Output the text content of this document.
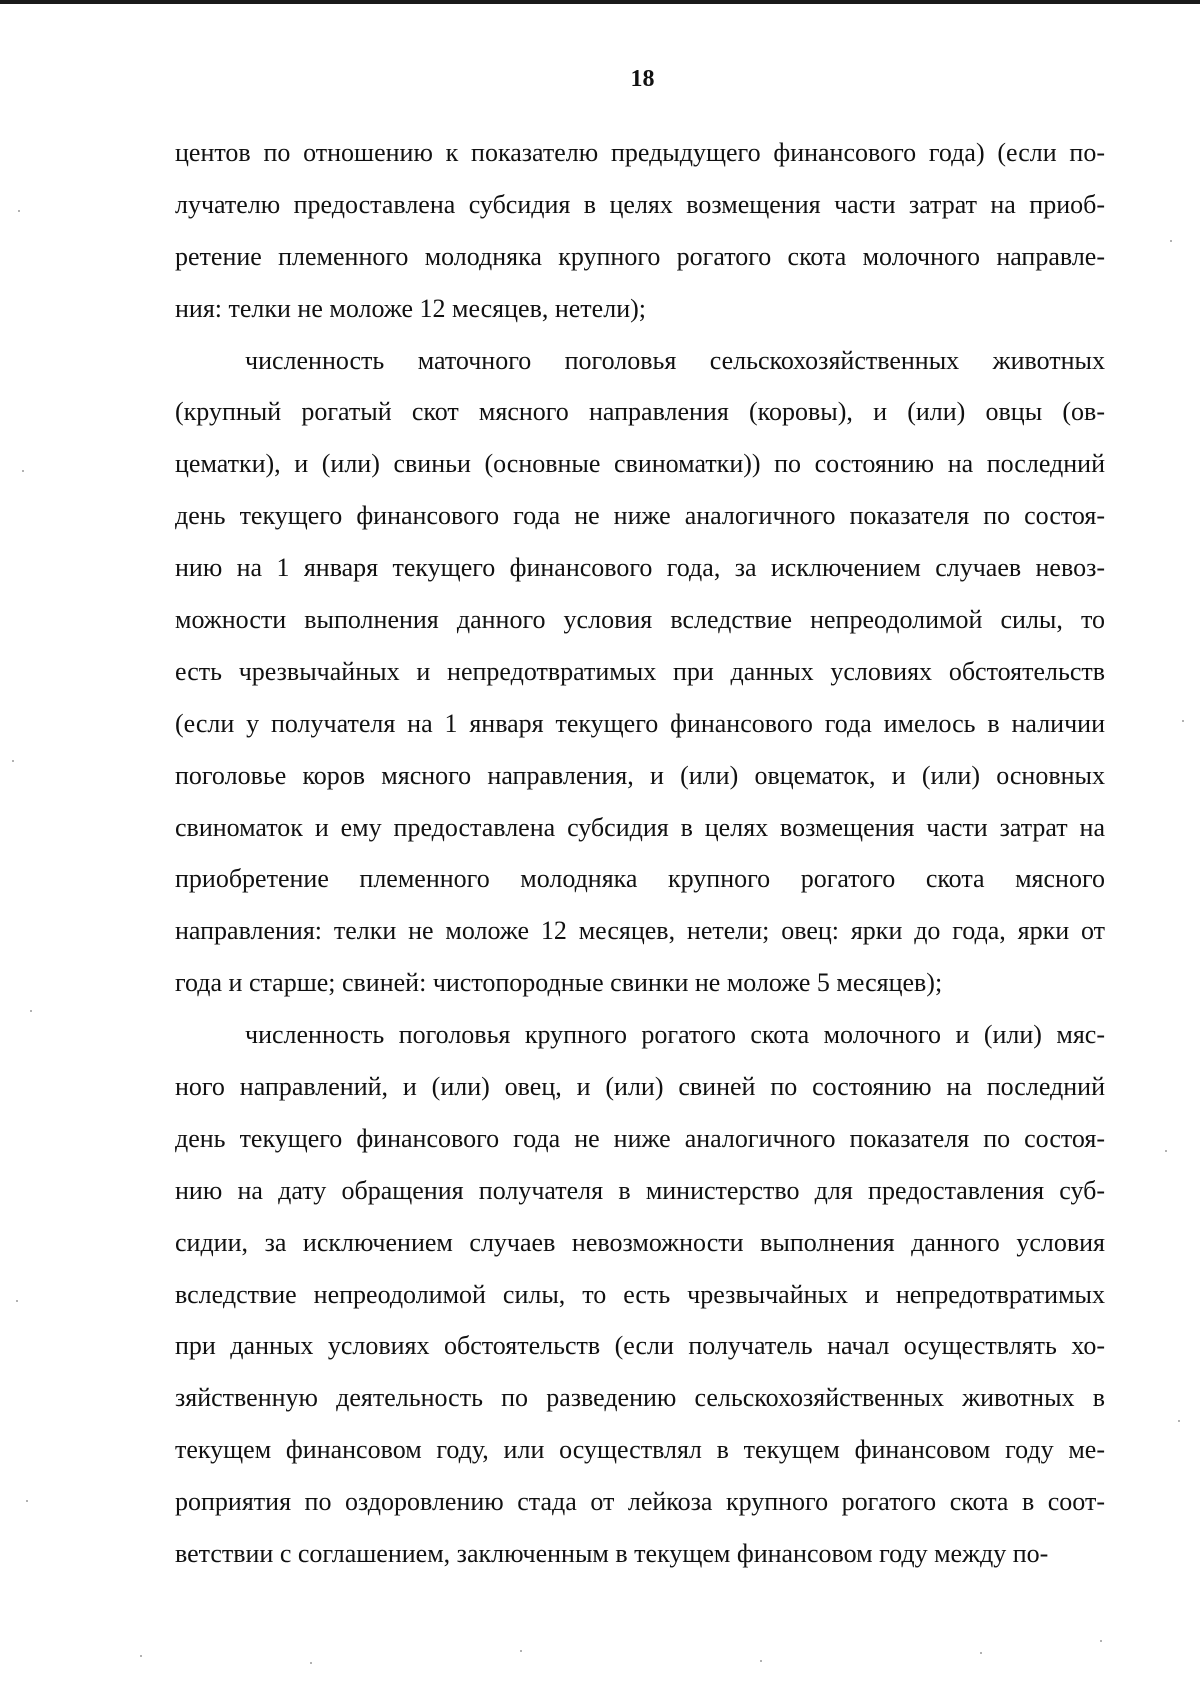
18
центов по отношению к показателю предыдущего финансового года) (если по-
лучателю предоставлена субсидия в целях возмещения части затрат на приоб-
ретение племенного молодняка крупного рогатого скота молочного направле-
ния: телки не моложе 12 месяцев, нетели);
численность маточного поголовья сельскохозяйственных животных
(крупный рогатый скот мясного направления (коровы), и (или) овцы (ов-
цематки), и (или) свиньи (основные свиноматки)) по состоянию на последний
день текущего финансового года не ниже аналогичного показателя по состоя-
нию на 1 января текущего финансового года, за исключением случаев невоз-
можности выполнения данного условия вследствие непреодолимой силы, то
есть чрезвычайных и непредотвратимых при данных условиях обстоятельств
(если у получателя на 1 января текущего финансового года имелось в наличии
поголовье коров мясного направления, и (или) овцематок, и (или) основных
свиноматок и ему предоставлена субсидия в целях возмещения части затрат на
приобретение племенного молодняка крупного рогатого скота мясного
направления: телки не моложе 12 месяцев, нетели; овец: ярки до года, ярки от
года и старше; свиней: чистопородные свинки не моложе 5 месяцев);
численность поголовья крупного рогатого скота молочного и (или) мяс-
ного направлений, и (или) овец, и (или) свиней по состоянию на последний
день текущего финансового года не ниже аналогичного показателя по состоя-
нию на дату обращения получателя в министерство для предоставления суб-
сидии, за исключением случаев невозможности выполнения данного условия
вследствие непреодолимой силы, то есть чрезвычайных и непредотвратимых
при данных условиях обстоятельств (если получатель начал осуществлять хо-
зяйственную деятельность по разведению сельскохозяйственных животных в
текущем финансовом году, или осуществлял в текущем финансовом году ме-
роприятия по оздоровлению стада от лейкоза крупного рогатого скота в соот-
ветствии с соглашением, заключенным в текущем финансовом году между по-
